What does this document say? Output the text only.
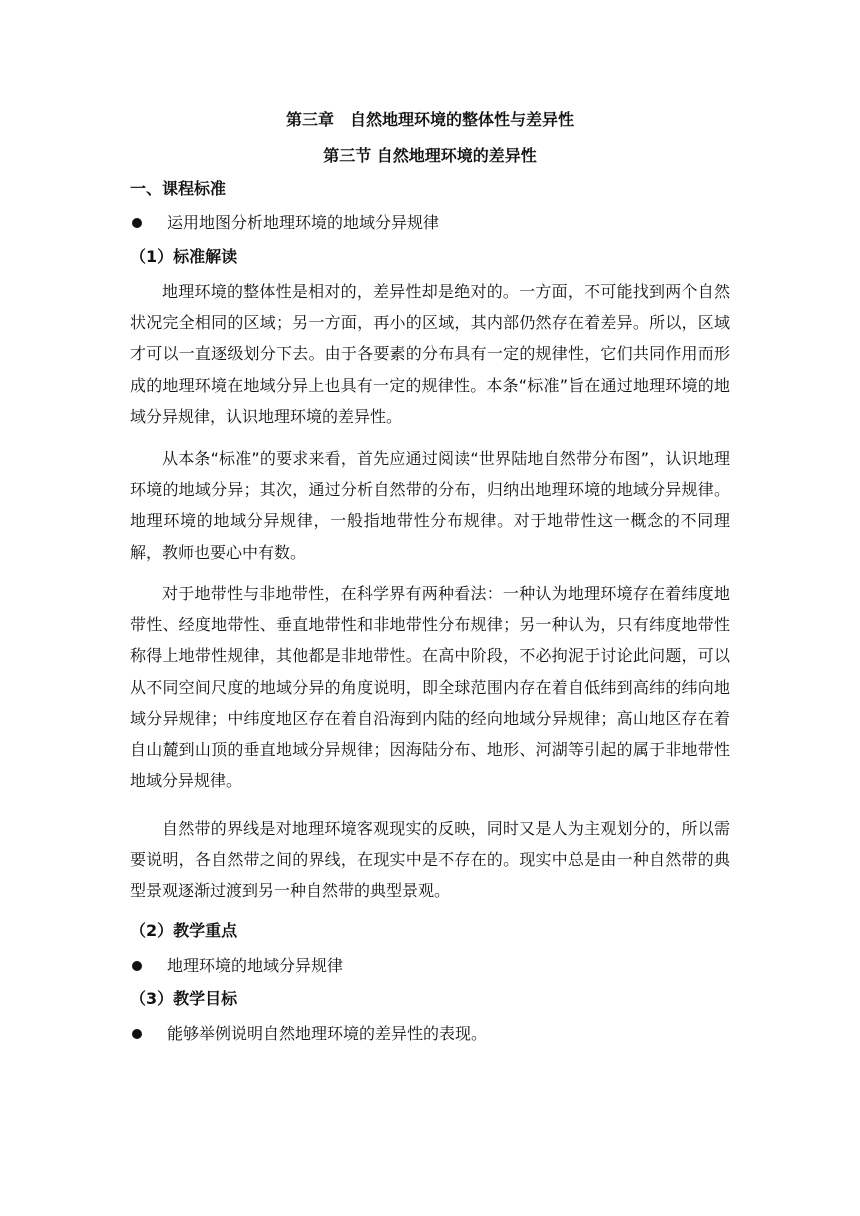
第三章　自然地理环境的整体性与差异性
第三节 自然地理环境的差异性
一、课程标准
运用地图分析地理环境的地域分异规律
（1）标准解读

地理环境的整体性是相对的，差异性却是绝对的。一方面，不可能找到两个自然状况完全相同的区域；另一方面，再小的区域，其内部仍然存在着差异。所以，区域才可以一直逐级划分下去。由于各要素的分布具有一定的规律性，它们共同作用而形成的地理环境在地域分异上也具有一定的规律性。本条“标准”旨在通过地理环境的地域分异规律，认识地理环境的差异性。

从本条“标准”的要求来看，首先应通过阅读“世界陆地自然带分布图”，认识地理环境的地域分异；其次，通过分析自然带的分布，归纳出地理环境的地域分异规律。地理环境的地域分异规律，一般指地带性分布规律。对于地带性这一概念的不同理解，教师也要心中有数。

对于地带性与非地带性，在科学界有两种看法：一种认为地理环境存在着纬度地带性、经度地带性、垂直地带性和非地带性分布规律；另一种认为，只有纬度地带性称得上地带性规律，其他都是非地带性。在高中阶段，不必拘泥于讨论此问题，可以从不同空间尺度的地域分异的角度说明，即全球范围内存在着自低纬到高纬的纬向地域分异规律；中纬度地区存在着自沿海到内陆的经向地域分异规律；高山地区存在着自山麓到山顶的垂直地域分异规律；因海陆分布、地形、河湖等引起的属于非地带性地域分异规律。

自然带的界线是对地理环境客观现实的反映，同时又是人为主观划分的，所以需要说明，各自然带之间的界线，在现实中是不存在的。现实中总是由一种自然带的典型景观逐渐过渡到另一种自然带的典型景观。

（2）教学重点
地理环境的地域分异规律
（3）教学目标
能够举例说明自然地理环境的差异性的表现。
